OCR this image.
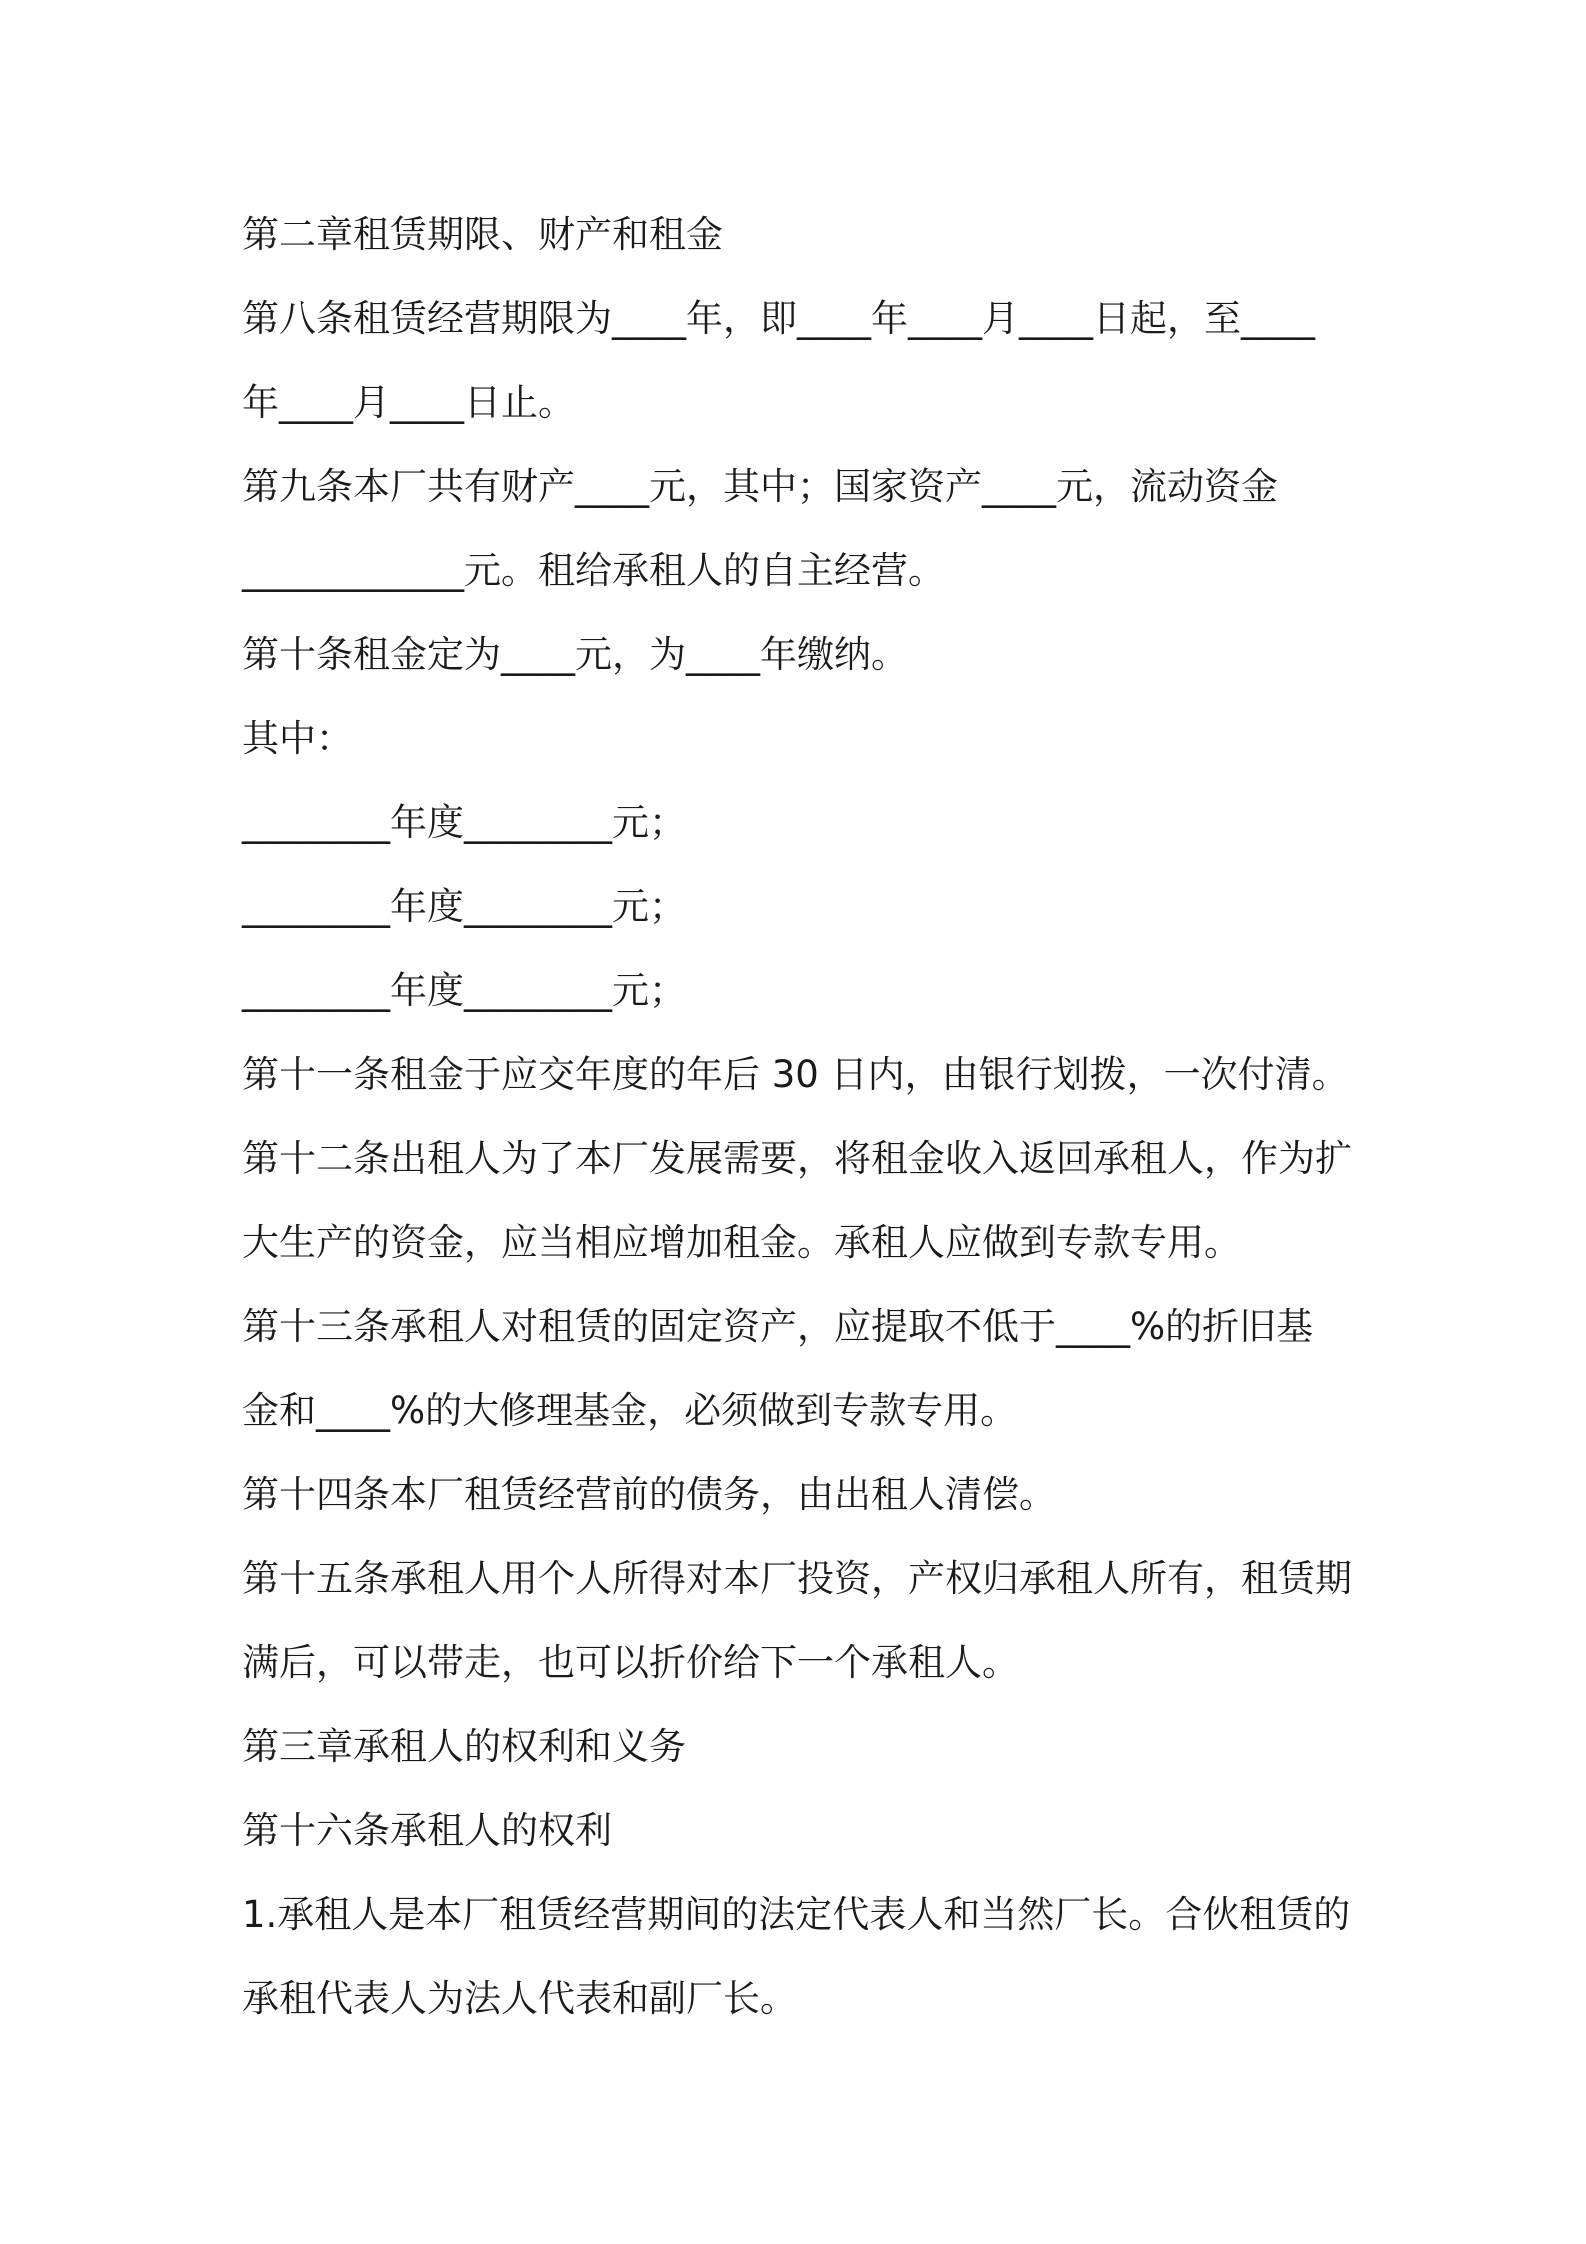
第二章租赁期限、财产和租金
第八条租赁经营期限为____年，即____年____月____日起，至____
年____月____日止。
第九条本厂共有财产____元，其中；国家资产____元，流动资金
____________元。租给承租人的自主经营。
第十条租金定为____元，为____年缴纳。
其中：
________年度________元；
________年度________元；
________年度________元；
第十一条租金于应交年度的年后 30 日内，由银行划拨，一次付清。
第十二条出租人为了本厂发展需要，将租金收入返回承租人，作为扩
大生产的资金，应当相应增加租金。承租人应做到专款专用。
第十三条承租人对租赁的固定资产，应提取不低于____%的折旧基
金和____%的大修理基金，必须做到专款专用。
第十四条本厂租赁经营前的债务，由出租人清偿。
第十五条承租人用个人所得对本厂投资，产权归承租人所有，租赁期
满后，可以带走，也可以折价给下一个承租人。
第三章承租人的权利和义务
第十六条承租人的权利
1.承租人是本厂租赁经营期间的法定代表人和当然厂长。合伙租赁的
承租代表人为法人代表和副厂长。
